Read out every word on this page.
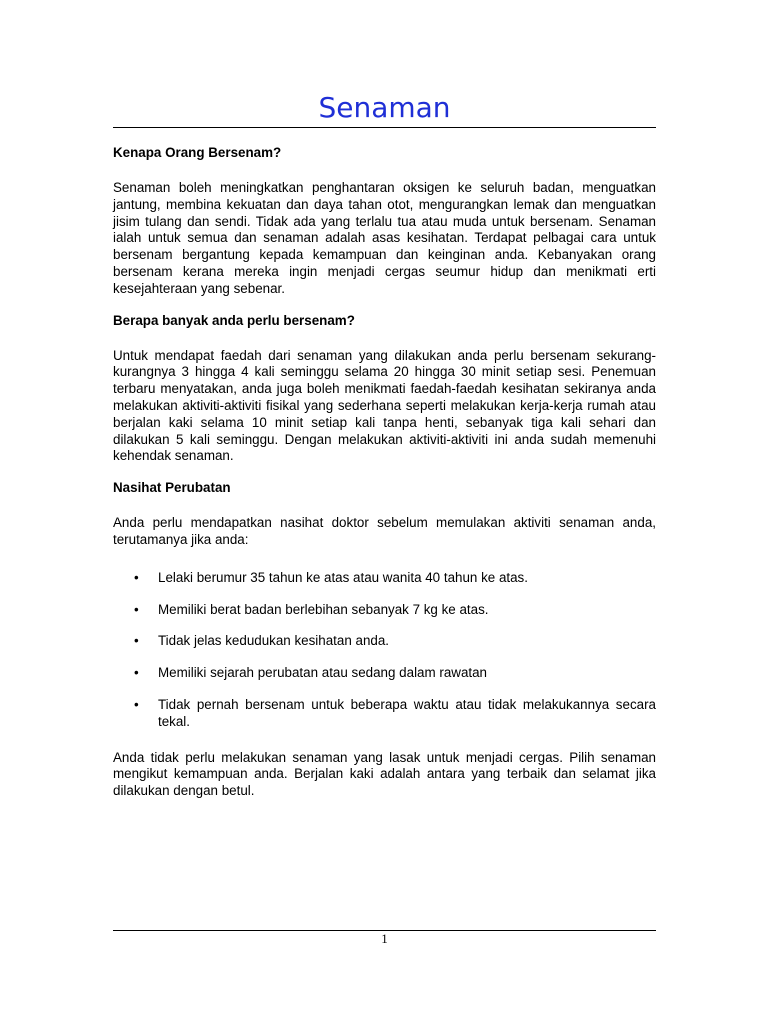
Senaman
Kenapa Orang Bersenam?

Senaman boleh meningkatkan penghantaran oksigen ke seluruh badan, menguatkan jantung, membina kekuatan dan daya tahan otot, mengurangkan lemak dan menguatkan jisim tulang dan sendi. Tidak ada yang terlalu tua atau muda untuk bersenam. Senaman ialah untuk semua dan senaman adalah asas kesihatan. Terdapat pelbagai cara untuk bersenam bergantung kepada kemampuan dan keinginan anda. Kebanyakan orang bersenam kerana mereka ingin menjadi cergas seumur hidup dan menikmati erti kesejahteraan yang sebenar.

Berapa banyak anda perlu bersenam?

Untuk mendapat faedah dari senaman yang dilakukan anda perlu bersenam sekurang-kurangnya 3 hingga 4 kali seminggu selama 20 hingga 30 minit setiap sesi. Penemuan terbaru menyatakan, anda juga boleh menikmati faedah-faedah kesihatan sekiranya anda melakukan aktiviti-aktiviti fisikal yang sederhana seperti melakukan kerja-kerja rumah atau berjalan kaki selama 10 minit setiap kali tanpa henti, sebanyak tiga kali sehari dan dilakukan 5 kali seminggu. Dengan melakukan aktiviti-aktiviti ini anda sudah memenuhi kehendak senaman.

Nasihat Perubatan

Anda perlu mendapatkan nasihat doktor sebelum memulakan aktiviti senaman anda, terutamanya jika anda:

• Lelaki berumur 35 tahun ke atas atau wanita 40 tahun ke atas.
• Memiliki berat badan berlebihan sebanyak 7 kg ke atas.
• Tidak jelas kedudukan kesihatan anda.
• Memiliki sejarah perubatan atau sedang dalam rawatan
• Tidak pernah bersenam untuk beberapa waktu atau tidak melakukannya secara tekal.

Anda tidak perlu melakukan senaman yang lasak untuk menjadi cergas. Pilih senaman mengikut kemampuan anda. Berjalan kaki adalah antara yang terbaik dan selamat jika dilakukan dengan betul.

1
